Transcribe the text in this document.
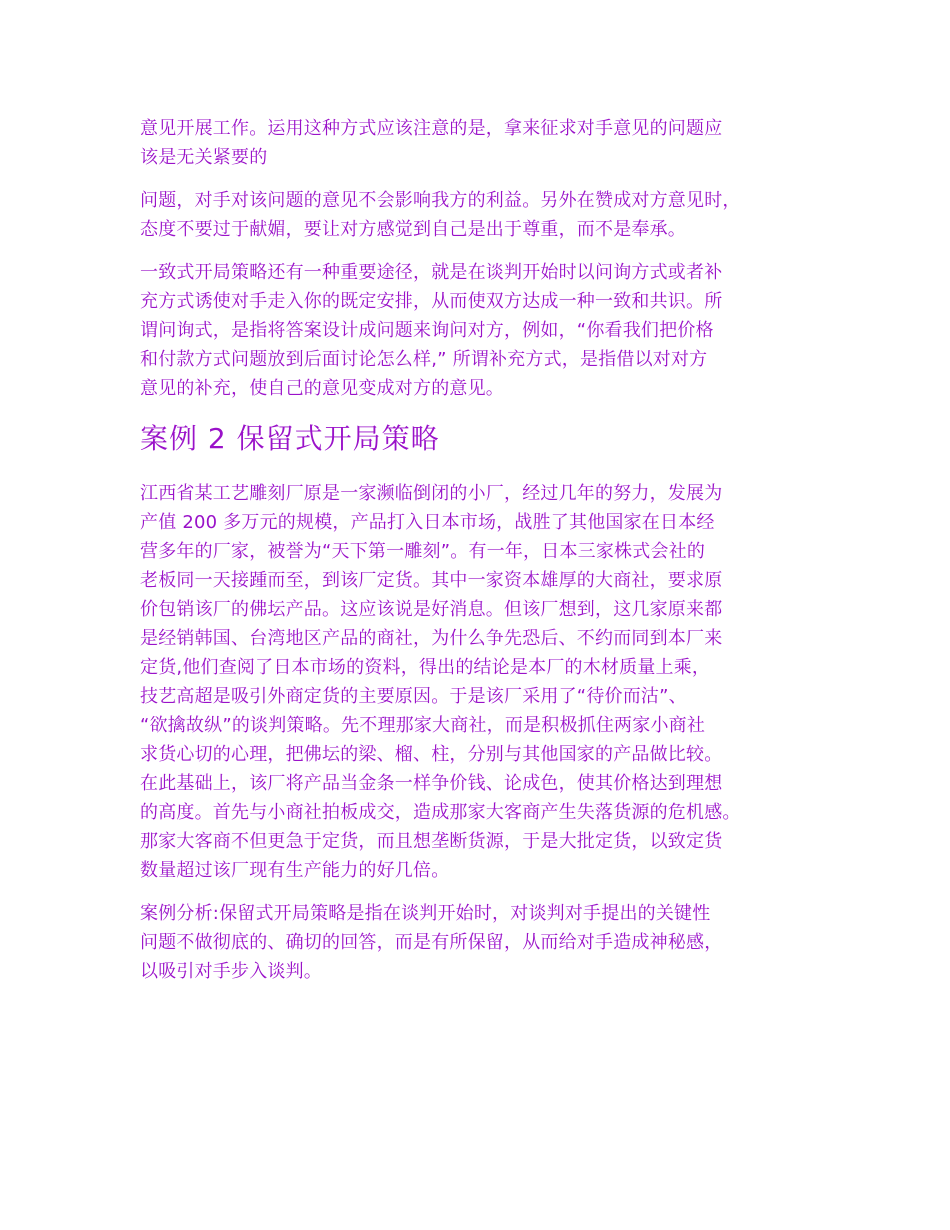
意见开展工作。运用这种方式应该注意的是，拿来征求对手意见的问题应
该是无关紧要的
问题，对手对该问题的意见不会影响我方的利益。另外在赞成对方意见时，
态度不要过于献媚，要让对方感觉到自己是出于尊重，而不是奉承。
一致式开局策略还有一种重要途径，就是在谈判开始时以问询方式或者补
充方式诱使对手走入你的既定安排，从而使双方达成一种一致和共识。所
谓问询式，是指将答案设计成问题来询问对方，例如，“你看我们把价格
和付款方式问题放到后面讨论怎么样,” 所谓补充方式，是指借以对对方
意见的补充，使自己的意见变成对方的意见。
案例 2 保留式开局策略
江西省某工艺雕刻厂原是一家濒临倒闭的小厂，经过几年的努力，发展为
产值 200 多万元的规模，产品打入日本市场，战胜了其他国家在日本经
营多年的厂家，被誉为“天下第一雕刻”。有一年，日本三家株式会社的
老板同一天接踵而至，到该厂定货。其中一家资本雄厚的大商社，要求原
价包销该厂的佛坛产品。这应该说是好消息。但该厂想到，这几家原来都
是经销韩国、台湾地区产品的商社，为什么争先恐后、不约而同到本厂来
定货,他们查阅了日本市场的资料，得出的结论是本厂的木材质量上乘，
技艺高超是吸引外商定货的主要原因。于是该厂采用了“待价而沽”、
“欲擒故纵”的谈判策略。先不理那家大商社，而是积极抓住两家小商社
求货心切的心理，把佛坛的梁、榴、柱，分别与其他国家的产品做比较。
在此基础上，该厂将产品当金条一样争价钱、论成色，使其价格达到理想
的高度。首先与小商社拍板成交，造成那家大客商产生失落货源的危机感。
那家大客商不但更急于定货，而且想垄断货源，于是大批定货，以致定货
数量超过该厂现有生产能力的好几倍。
案例分析:保留式开局策略是指在谈判开始时，对谈判对手提出的关键性
问题不做彻底的、确切的回答，而是有所保留，从而给对手造成神秘感，
以吸引对手步入谈判。
